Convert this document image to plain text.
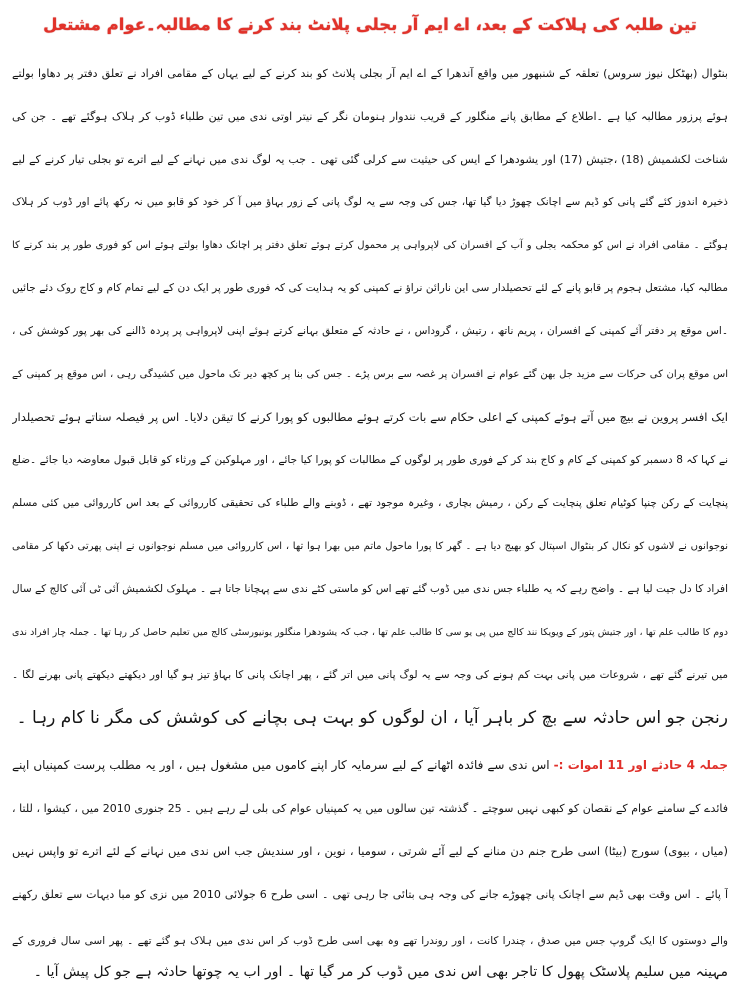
تین طلبہ کی ہلاکت کے بعد، اے ایم آر بجلی پلانٹ بند کرنے کا مطالبہ۔عوام مشتعل
بنٹوال (بھٹکل نیوز سروس) تعلقہ کے شنبھور میں واقع آندھرا کے اے ایم آر بجلی پلانٹ کو بند کرنے کے لیے یہاں کے مقامی افراد نے تعلق دفتر پر دھاوا بولتے
ہوئے پرزور مطالبہ کیا ہے ۔اطلاع کے مطابق پانے منگلور کے قریب نندوار ہنومان نگر کے نیتر اوتی ندی میں تین طلباء ڈوب کر ہلاک ہوگئے تھے ۔ جن کی
شناخت لکشمیش (18) ،جتیش (17) اور یشودھرا کے ایس کی حیثیت سے کرلی گئی تھی ۔ جب یہ لوگ ندی میں نہانے کے لیے اترے تو بجلی تیار کرنے کے لیے
ذخیرہ اندوز کئے گئے پانی کو ڈیم سے اچانک چھوڑ دیا گیا تھا، جس کی وجہ سے یہ لوگ پانی کے زور بہاؤ میں آ کر خود کو قابو میں نہ رکھ پائے اور ڈوب کر ہلاک
ہوگئے ۔ مقامی افراد نے اس کو محکمہ بجلی و آب کے افسران کی لاپرواہی پر محمول کرتے ہوئے تعلق دفتر پر اچانک دھاوا بولتے ہوئے اس کو فوری طور پر بند کرنے کا
مطالبہ کیا، مشتعل ہجوم پر قابو پانے کے لئے تحصیلدار سی این نارائن نراؤ نے کمپنی کو یہ ہدایت کی کہ فوری طور پر ایک دن کے لیے تمام کام و کاج روک دئے جائیں
۔اس موقع پر دفتر آئے کمپنی کے افسران ، پریم ناتھ ، رتیش ، گروداس ، نے حادثہ کے متعلق بہانے کرتے ہوئے اپنی لاپرواہی پر پردہ ڈالنے کی بھر پور کوشش کی ،
اس موقع پران کی حرکات سے مزید جل بھن گئے عوام نے افسران پر غصہ سے برس پڑے ۔ جس کی بنا پر کچھ دیر تک ماحول میں کشیدگی رہی ، اس موقع پر کمپنی کے
ایک افسر پروین نے بیچ میں آتے ہوئے کمپنی کے اعلی حکام سے بات کرتے ہوئے مطالبوں کو پورا کرنے کا تیقن دلایا۔ اس پر فیصلہ سناتے ہوئے تحصیلدار
نے کہا کہ 8 دسمبر کو کمپنی کے کام و کاج بند کر کے فوری طور پر لوگوں کے مطالبات کو پورا کیا جائے ، اور مہلوکین کے ورثاء کو قابل قبول معاوضہ دیا جائے ۔ضلع
پنچایت کے رکن چنپا کوٹیام تعلق پنچایت کے رکن ، رمیش بچاری ، وغیرہ موجود تھے ، ڈوبنے والے طلباء کی تحقیقی کارروائی کے بعد اس کارروائی میں کئی مسلم
نوجوانوں نے لاشوں کو نکال کر بنٹوال اسپتال کو بھیج دیا ہے ۔ گھر کا پورا ماحول ماتم میں بھرا ہوا تھا ، اس کارروائی میں مسلم نوجوانوں نے اپنی پھرتی دکھا کر مقامی
افراد کا دل جیت لیا ہے ۔ واضح رہے کہ یہ طلباء جس ندی میں ڈوب گئے تھے اس کو ماستی کٹے ندی سے پہچانا جاتا ہے ۔ مہلوک لکشمیش آئی ٹی آئی کالج کے سال
دوم کا طالب علم تھا ، اور جتیش پتور کے ویویکا نند کالج میں پی یو سی کا طالب علم تھا ، جب کہ یشودھرا منگلور یونیورسٹی کالج میں تعلیم حاصل کر رہا تھا ۔ جملہ چار افراد ندی
میں تیرنے گئے تھے ، شروعات میں پانی بہت کم ہونے کی وجہ سے یہ لوگ پانی میں اتر گئے ، پھر اچانک پانی کا بہاؤ تیز ہو گیا اور دیکھتے دیکھتے پانی بھرنے لگا ۔
رنجن جو اس حادثہ سے بچ کر باہر آیا ، ان لوگوں کو بہت ہی بچانے کی کوشش کی مگر نا کام رہا ۔
جملہ 4 حادثے اور 11 اموات :- اس ندی سے فائدہ اٹھانے کے لیے سرمایہ کار اپنے کاموں میں مشغول ہیں ، اور یہ مطلب پرست کمپنیاں اپنے
فائدے کے سامنے عوام کے نقصان کو کبھی نہیں سوچتے ۔ گذشتہ تین سالوں میں یہ کمپنیاں عوام کی بلی لے رہے ہیں ۔ 25 جنوری 2010 میں ، کیشوا ، للتا ،
(میاں ، بیوی) سورج (بیٹا) اسی طرح جنم دن منانے کے لیے آئے شرتی ، سومیا ، نوین ، اور سندیش جب اس ندی میں نہانے کے لئے اترے تو واپس نہیں
آ پائے ۔ اس وقت بھی ڈیم سے اچانک پانی چھوڑے جانے کی وجہ ہی بتائی جا رہی تھی ۔ اسی طرح 6 جولائی 2010 میں نزی کو مبا دیہات سے تعلق رکھنے
والے دوستوں کا ایک گروپ جس میں صدق ، چندرا کانت ، اور روندرا تھے وہ بھی اسی طرح ڈوب کر اس ندی میں ہلاک ہو گئے تھے ۔ پھر اسی سال فروری کے
مہینہ میں سلیم پلاسٹک پھول کا تاجر بھی اس ندی میں ڈوب کر مر گیا تھا ۔ اور اب یہ چوتھا حادثہ ہے جو کل پیش آیا ۔
